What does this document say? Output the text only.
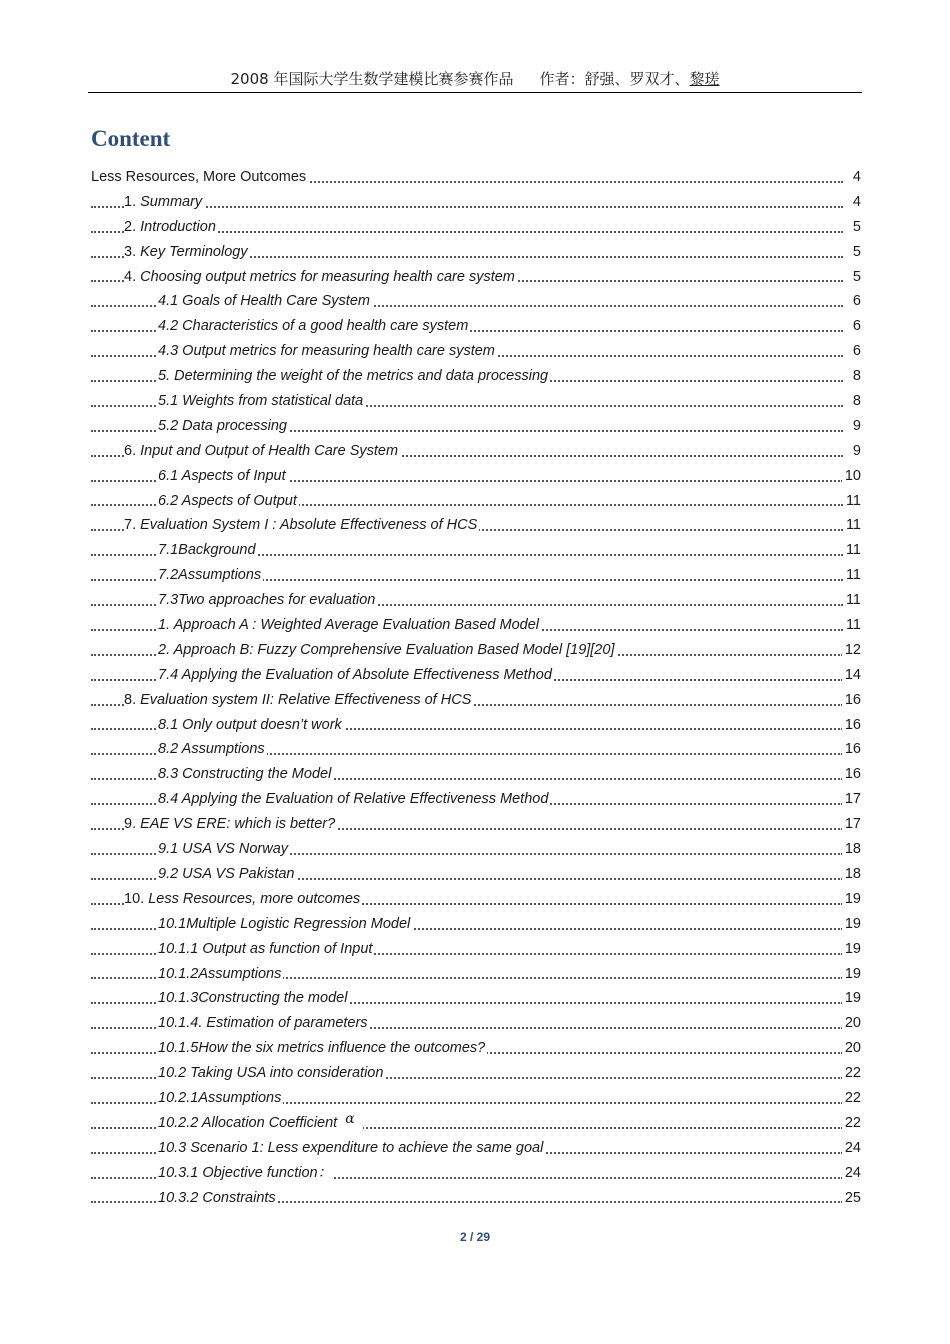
2008 年国际大学生数学建模比赛参赛作品 作者：舒强、罗双才、黎瑳
Content
Less Resources, More Outcomes	4
1. Summary	4
2. Introduction	5
3. Key Terminology	5
4. Choosing output metrics for measuring health care system	5
4.1 Goals of Health Care System	6
4.2 Characteristics of a good health care system	6
4.3 Output metrics for measuring health care system	6
5. Determining the weight of the metrics and data processing	8
5.1 Weights from statistical data	8
5.2 Data processing	9
6. Input and Output of Health Care System	9
6.1 Aspects of Input	10
6.2 Aspects of Output	11
7. Evaluation System I : Absolute Effectiveness of HCS	11
7.1Background	11
7.2Assumptions	11
7.3Two approaches for evaluation	11
1. Approach A : Weighted Average Evaluation Based Model	11
2. Approach B: Fuzzy Comprehensive Evaluation Based Model [19][20]	12
7.4 Applying the Evaluation of Absolute Effectiveness Method	14
8. Evaluation system II: Relative Effectiveness of HCS	16
8.1 Only output doesn’t work	16
8.2 Assumptions	16
8.3 Constructing the Model	16
8.4 Applying the Evaluation of Relative Effectiveness Method	17
9. EAE VS ERE: which is better?	17
9.1 USA VS Norway	18
9.2 USA VS Pakistan	18
10. Less Resources, more outcomes	19
10.1Multiple Logistic Regression Model	19
10.1.1 Output as function of Input	19
10.1.2Assumptions	19
10.1.3Constructing the model	19
10.1.4. Estimation of parameters	20
10.1.5How the six metrics influence the outcomes?	20
10.2 Taking USA into consideration	22
10.2.1Assumptions	22
10.2.2 Allocation Coefficient α	22
10.3 Scenario 1: Less expenditure to achieve the same goal	24
10.3.1 Objective function：	24
10.3.2 Constraints	25
2 / 29
